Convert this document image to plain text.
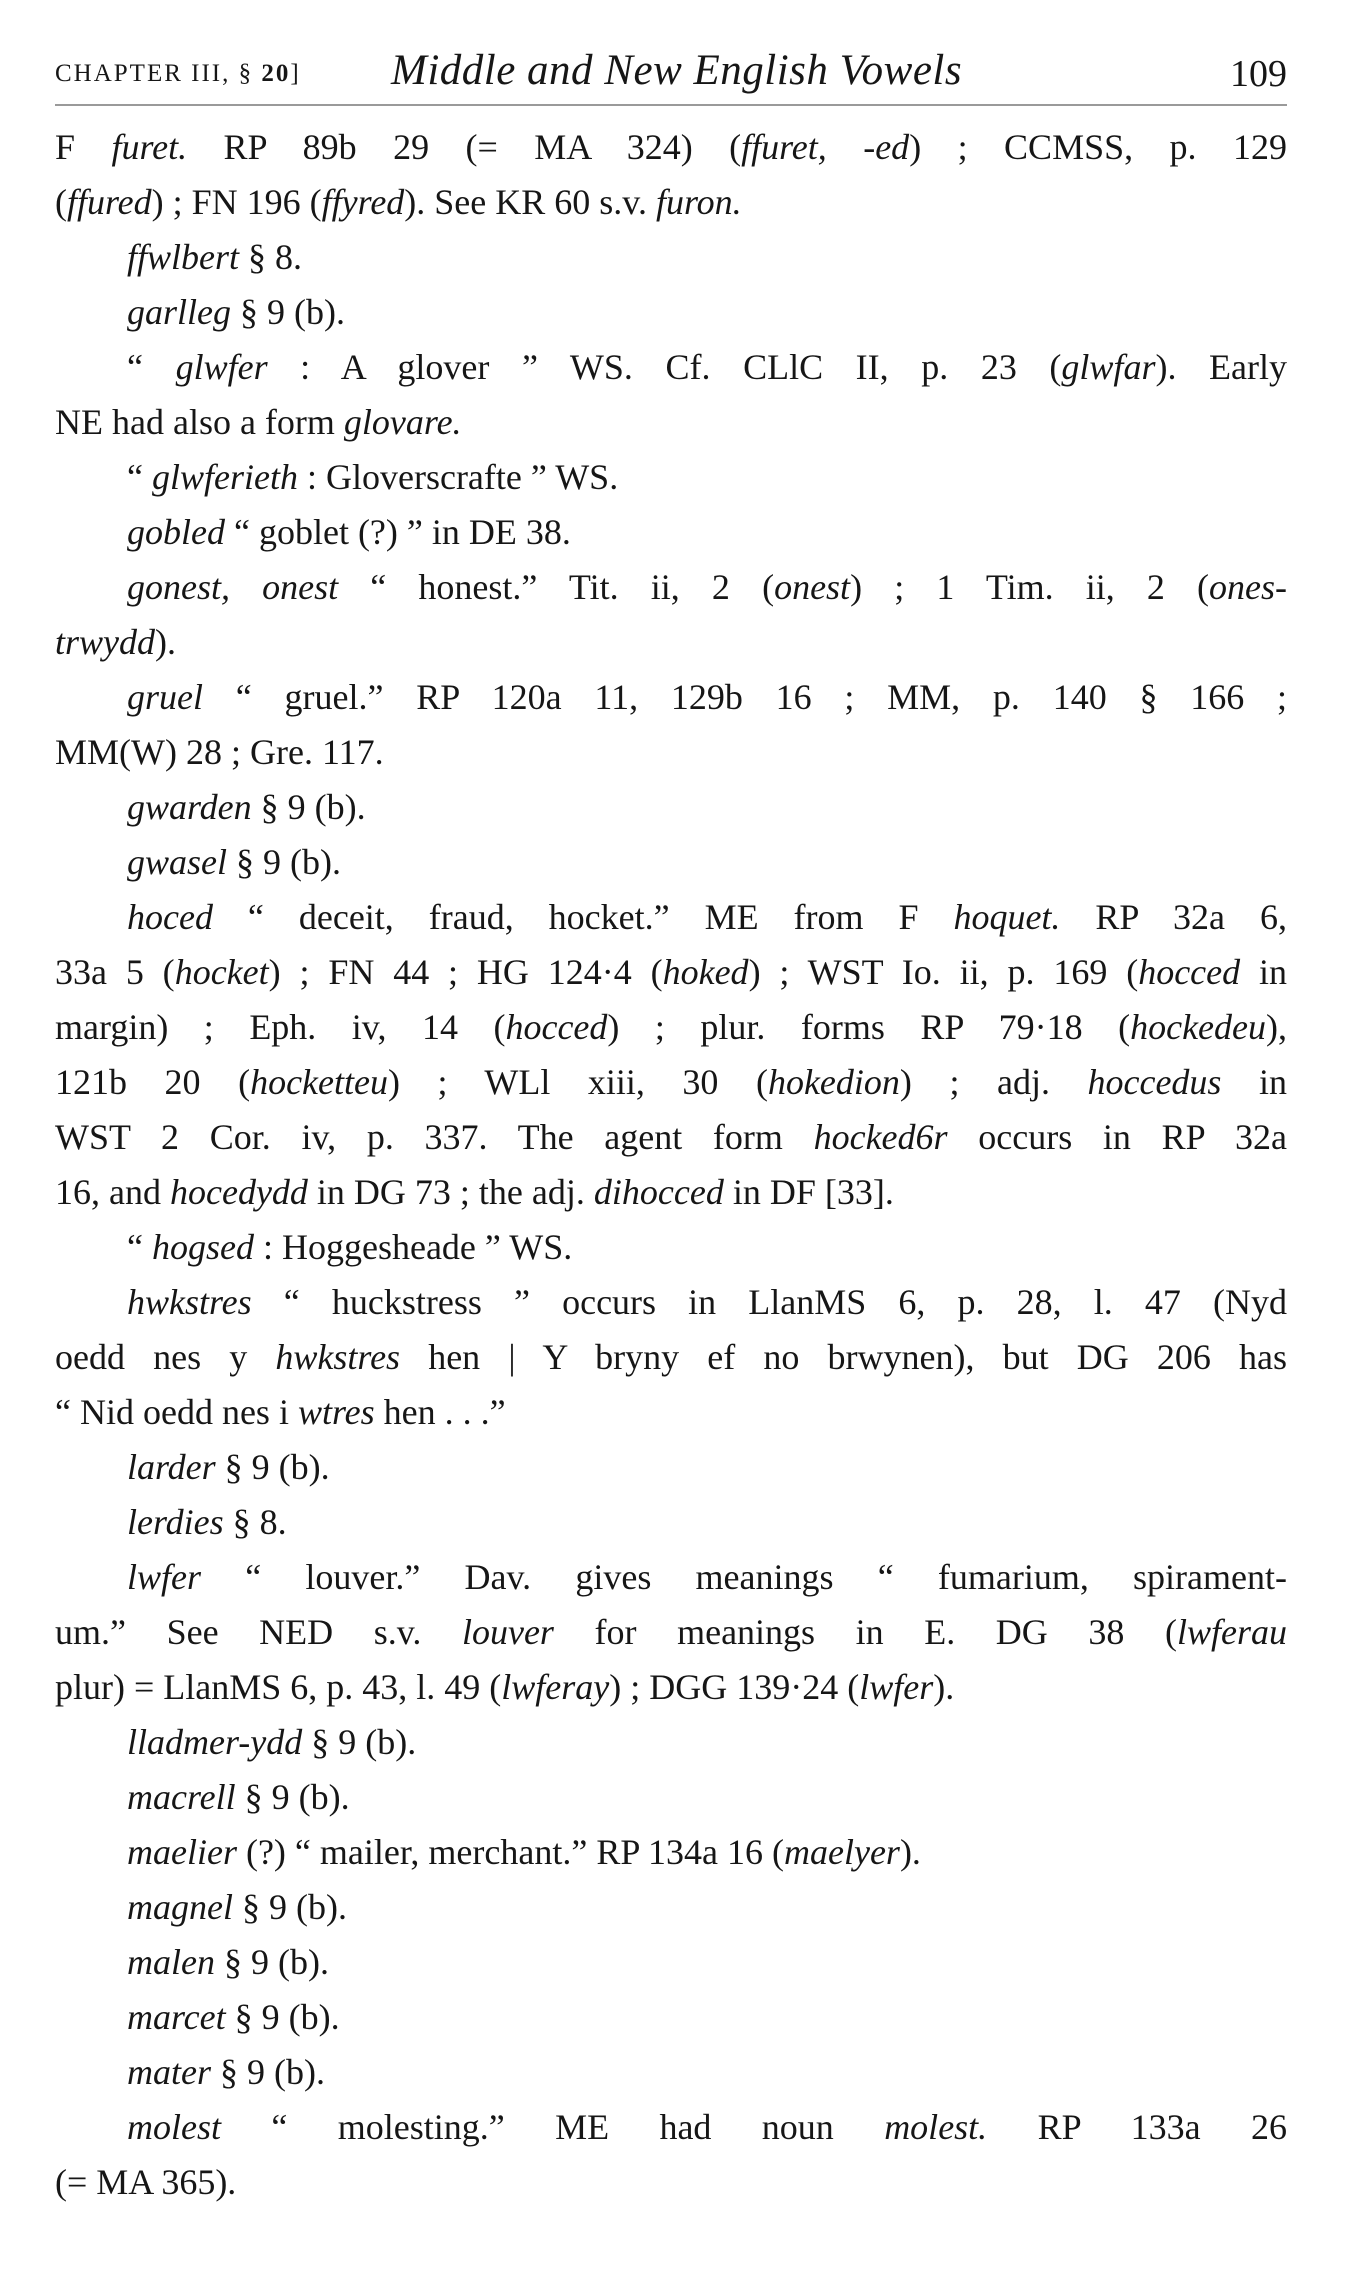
CHAPTER III, § 20] Middle and New English Vowels	109
F furet. RP 89b 29 (= MA 324) (ffuret, -ed) ; CCMSS, p. 129
(ffured) ; FN 196 (ffyred). See KR 60 s.v. furon.
ffwlbert § 8.
garlleg § 9 (b).
“ glwfer : A glover ” WS. Cf. CLlC II, p. 23 (glwfar). Early
NE had also a form glovare.
“ glwferieth : Gloverscrafte ” WS.
gobled “ goblet (?) ” in DE 38.
gonest, onest “ honest.” Tit. ii, 2 (onest) ; 1 Tim. ii, 2 (ones-
trwydd).
gruel “ gruel.” RP 120a 11, 129b 16 ; MM, p. 140 § 166 ;
MM(W) 28 ; Gre. 117.
gwarden § 9 (b).
gwasel § 9 (b).
hoced “ deceit, fraud, hocket.” ME from F hoquet. RP 32a 6,
33a 5 (hocket) ; FN 44 ; HG 124·4 (hoked) ; WST Io. ii, p. 169 (hocced in
margin) ; Eph. iv, 14 (hocced) ; plur. forms RP 79·18 (hockedeu),
121b 20 (hocketteu) ; WLl xiii, 30 (hokedion) ; adj. hoccedus in
WST 2 Cor. iv, p. 337. The agent form hocked6r occurs in RP 32a
16, and hocedydd in DG 73 ; the adj. dihocced in DF [33].
“ hogsed : Hoggesheade ” WS.
hwkstres “ huckstress ” occurs in LlanMS 6, p. 28, l. 47 (Nyd
oedd nes y hwkstres hen | Y bryny ef no brwynen), but DG 206 has
“ Nid oedd nes i wtres hen . . .”
larder § 9 (b).
lerdies § 8.
lwfer “ louver.” Dav. gives meanings “ fumarium, spirament-
um.” See NED s.v. louver for meanings in E. DG 38 (lwferau
plur) = LlanMS 6, p. 43, l. 49 (lwferay) ; DGG 139·24 (lwfer).
lladmer-ydd § 9 (b).
macrell § 9 (b).
maelier (?) “ mailer, merchant.” RP 134a 16 (maelyer).
magnel § 9 (b).
malen § 9 (b).
marcet § 9 (b).
mater § 9 (b).
molest “ molesting.” ME had noun molest. RP 133a 26
(= MA 365).
